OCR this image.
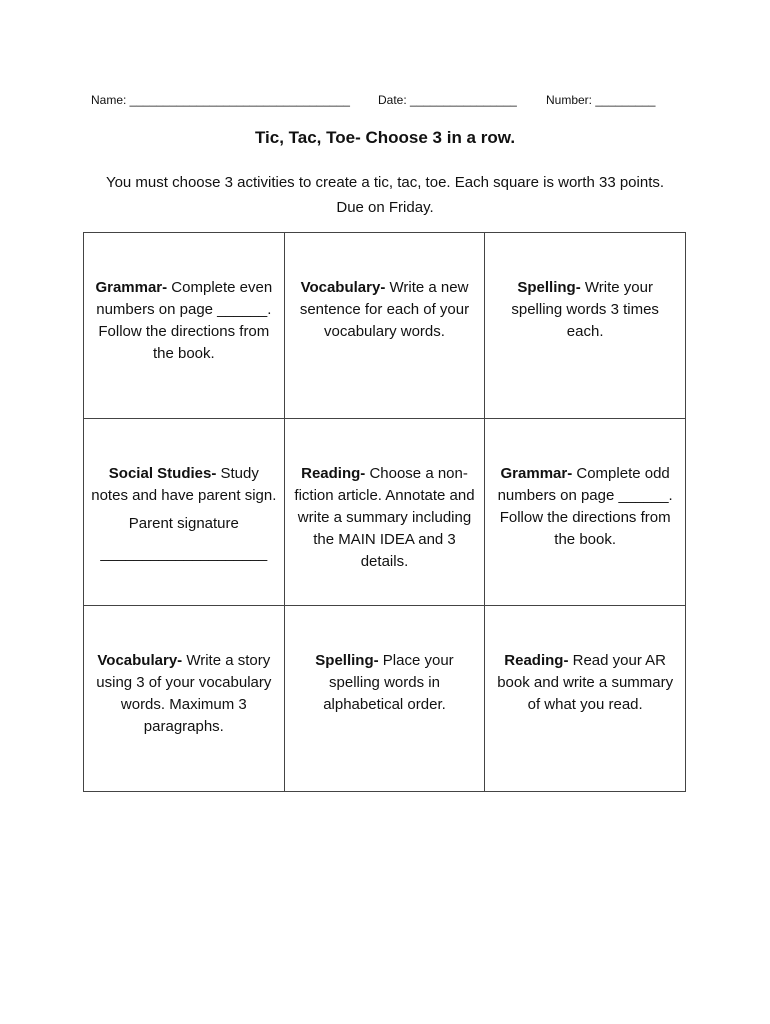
Name: _________________________________ Date: ________________ Number: _________
Tic, Tac, Toe- Choose 3 in a row.
You must choose 3 activities to create a tic, tac, toe. Each square is worth 33 points. Due on Friday.
Grammar- Complete even numbers on page ______. Follow the directions from the book.	Vocabulary- Write a new sentence for each of your vocabulary words.	Spelling- Write your spelling words 3 times each.
Social Studies- Study notes and have parent sign.
Parent signature
____________________	Reading- Choose a non-fiction article. Annotate and write a summary including the MAIN IDEA and 3 details.	Grammar- Complete odd numbers on page ______. Follow the directions from the book.
Vocabulary- Write a story using 3 of your vocabulary words. Maximum 3 paragraphs.	Spelling- Place your spelling words in alphabetical order.	Reading- Read your AR book and write a summary of what you read.
